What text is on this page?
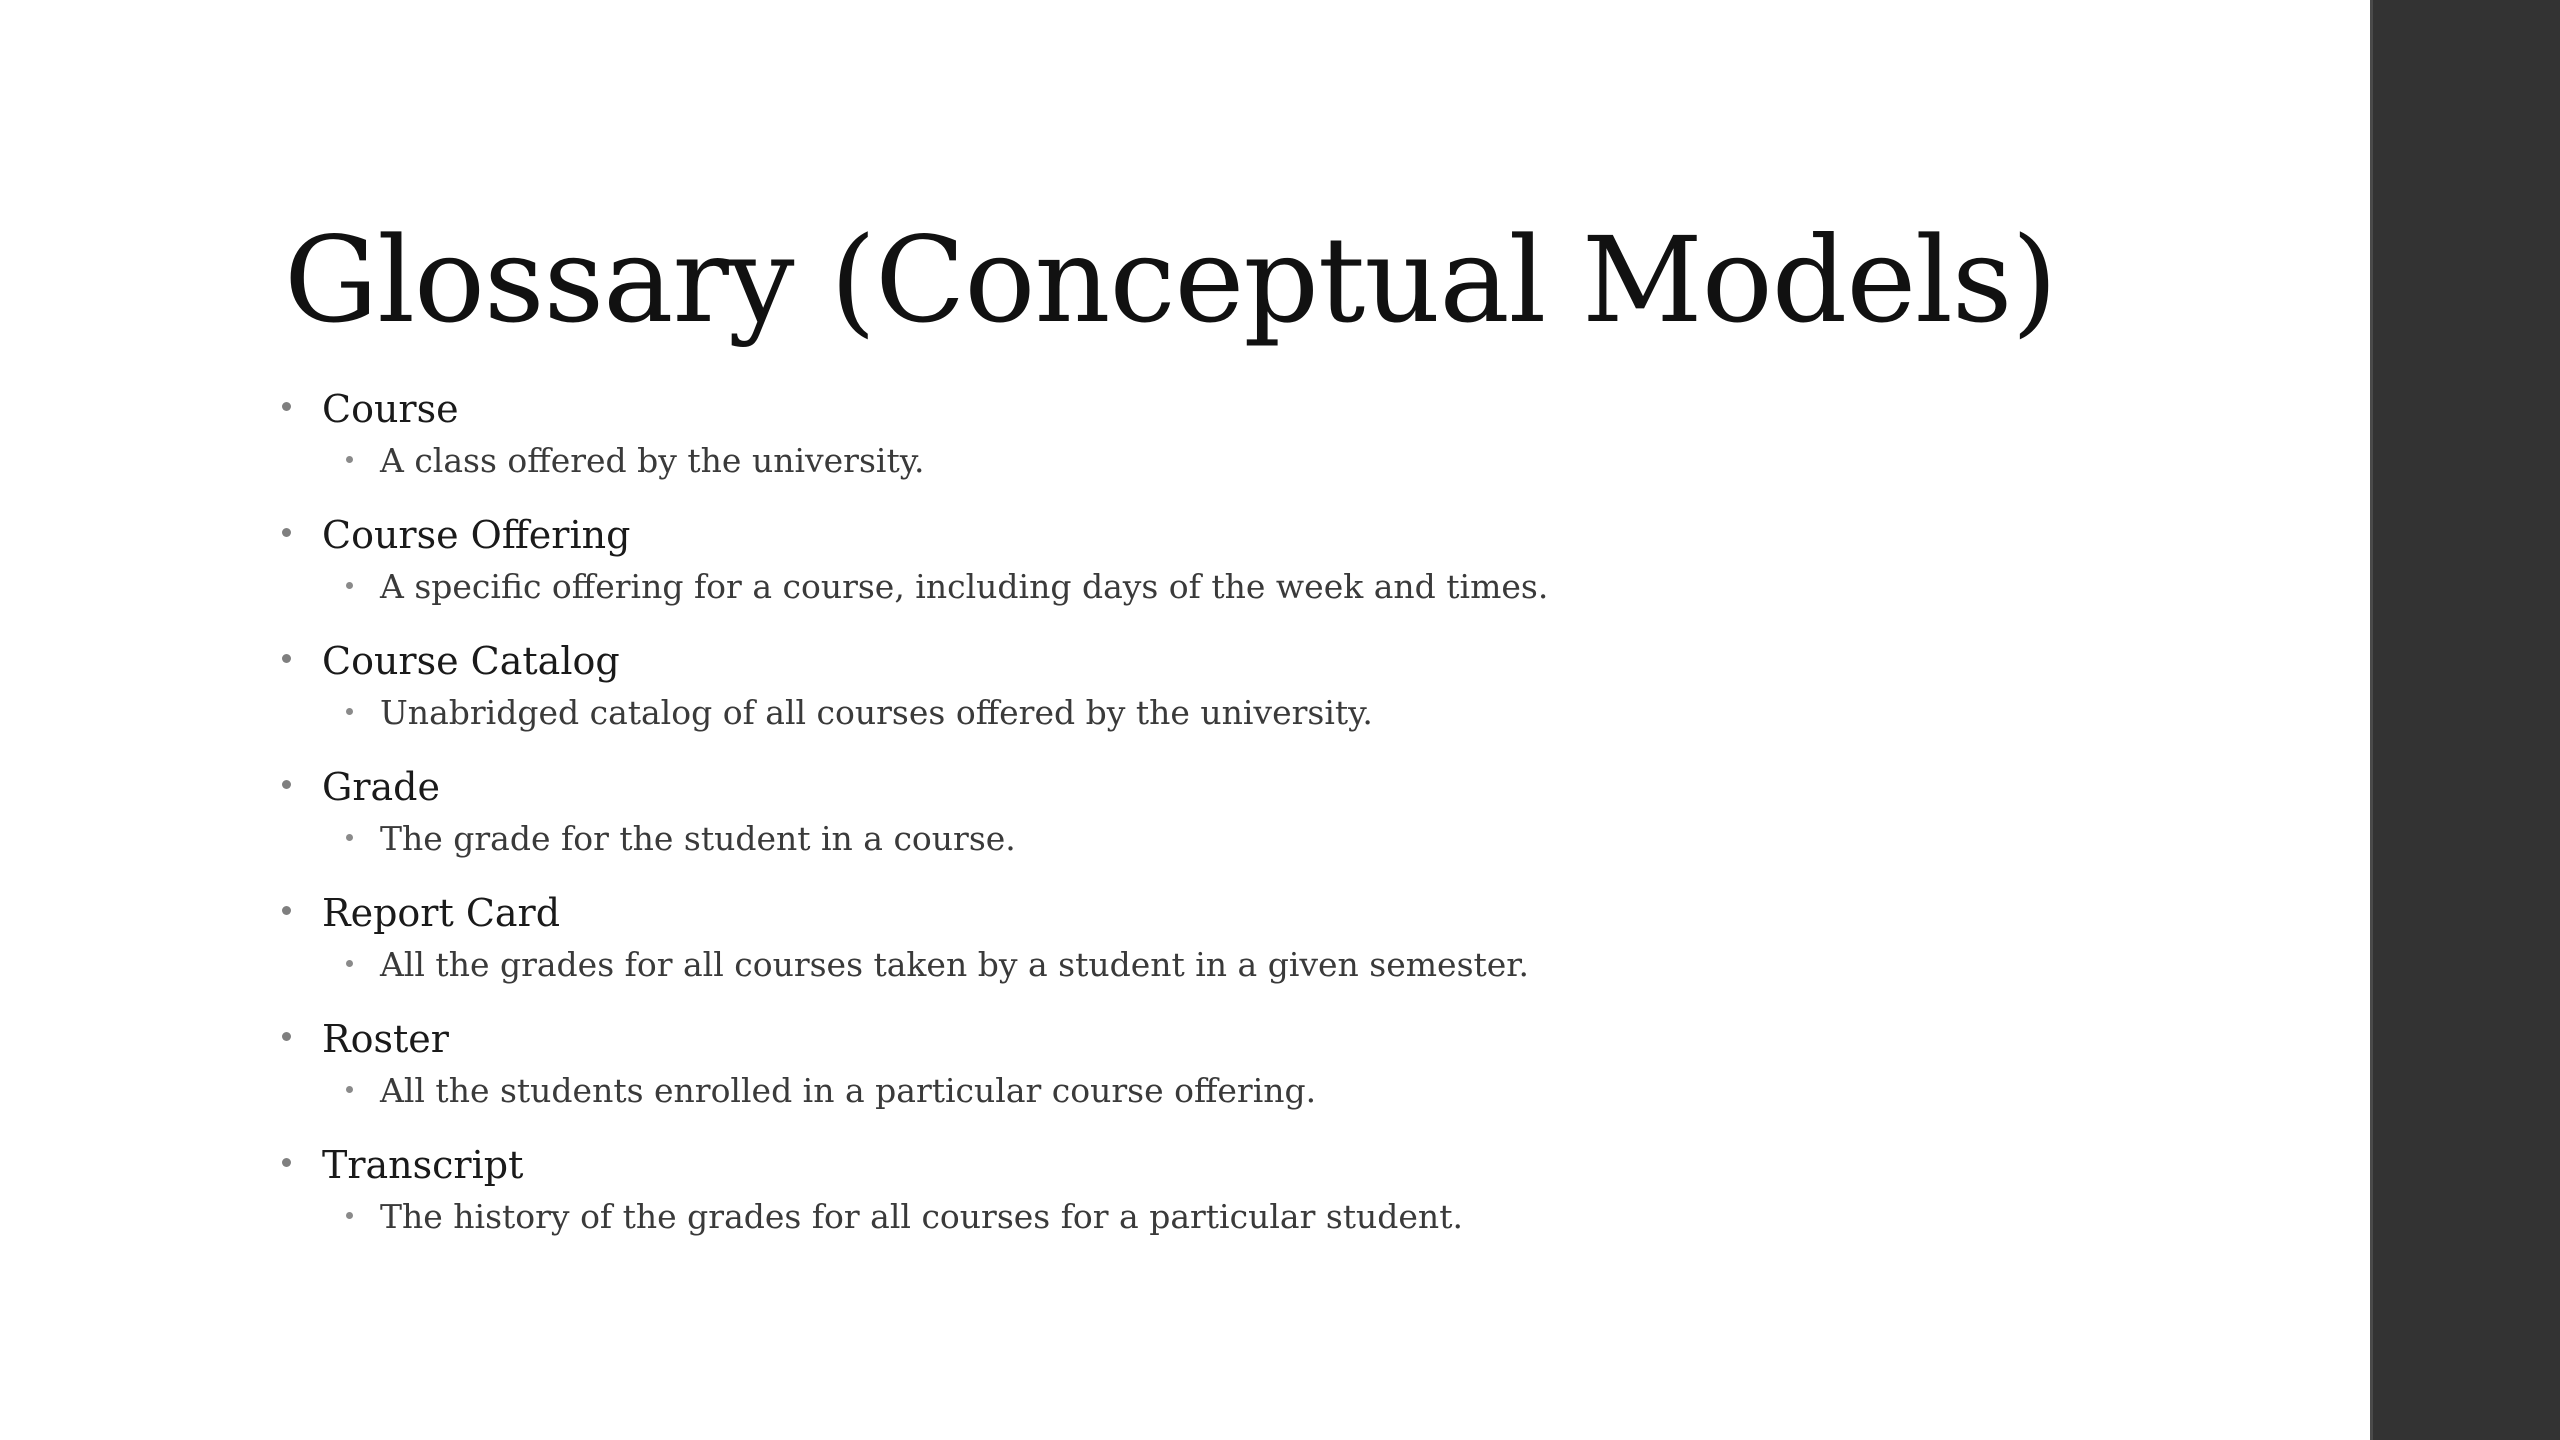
Glossary (Conceptual Models)
Course
A class offered by the university.
Course Offering
A specific offering for a course, including days of the week and times.
Course Catalog
Unabridged catalog of all courses offered by the university.
Grade
The grade for the student in a course.
Report Card
All the grades for all courses taken by a student in a given semester.
Roster
All the students enrolled in a particular course offering.
Transcript
The history of the grades for all courses for a particular student.
